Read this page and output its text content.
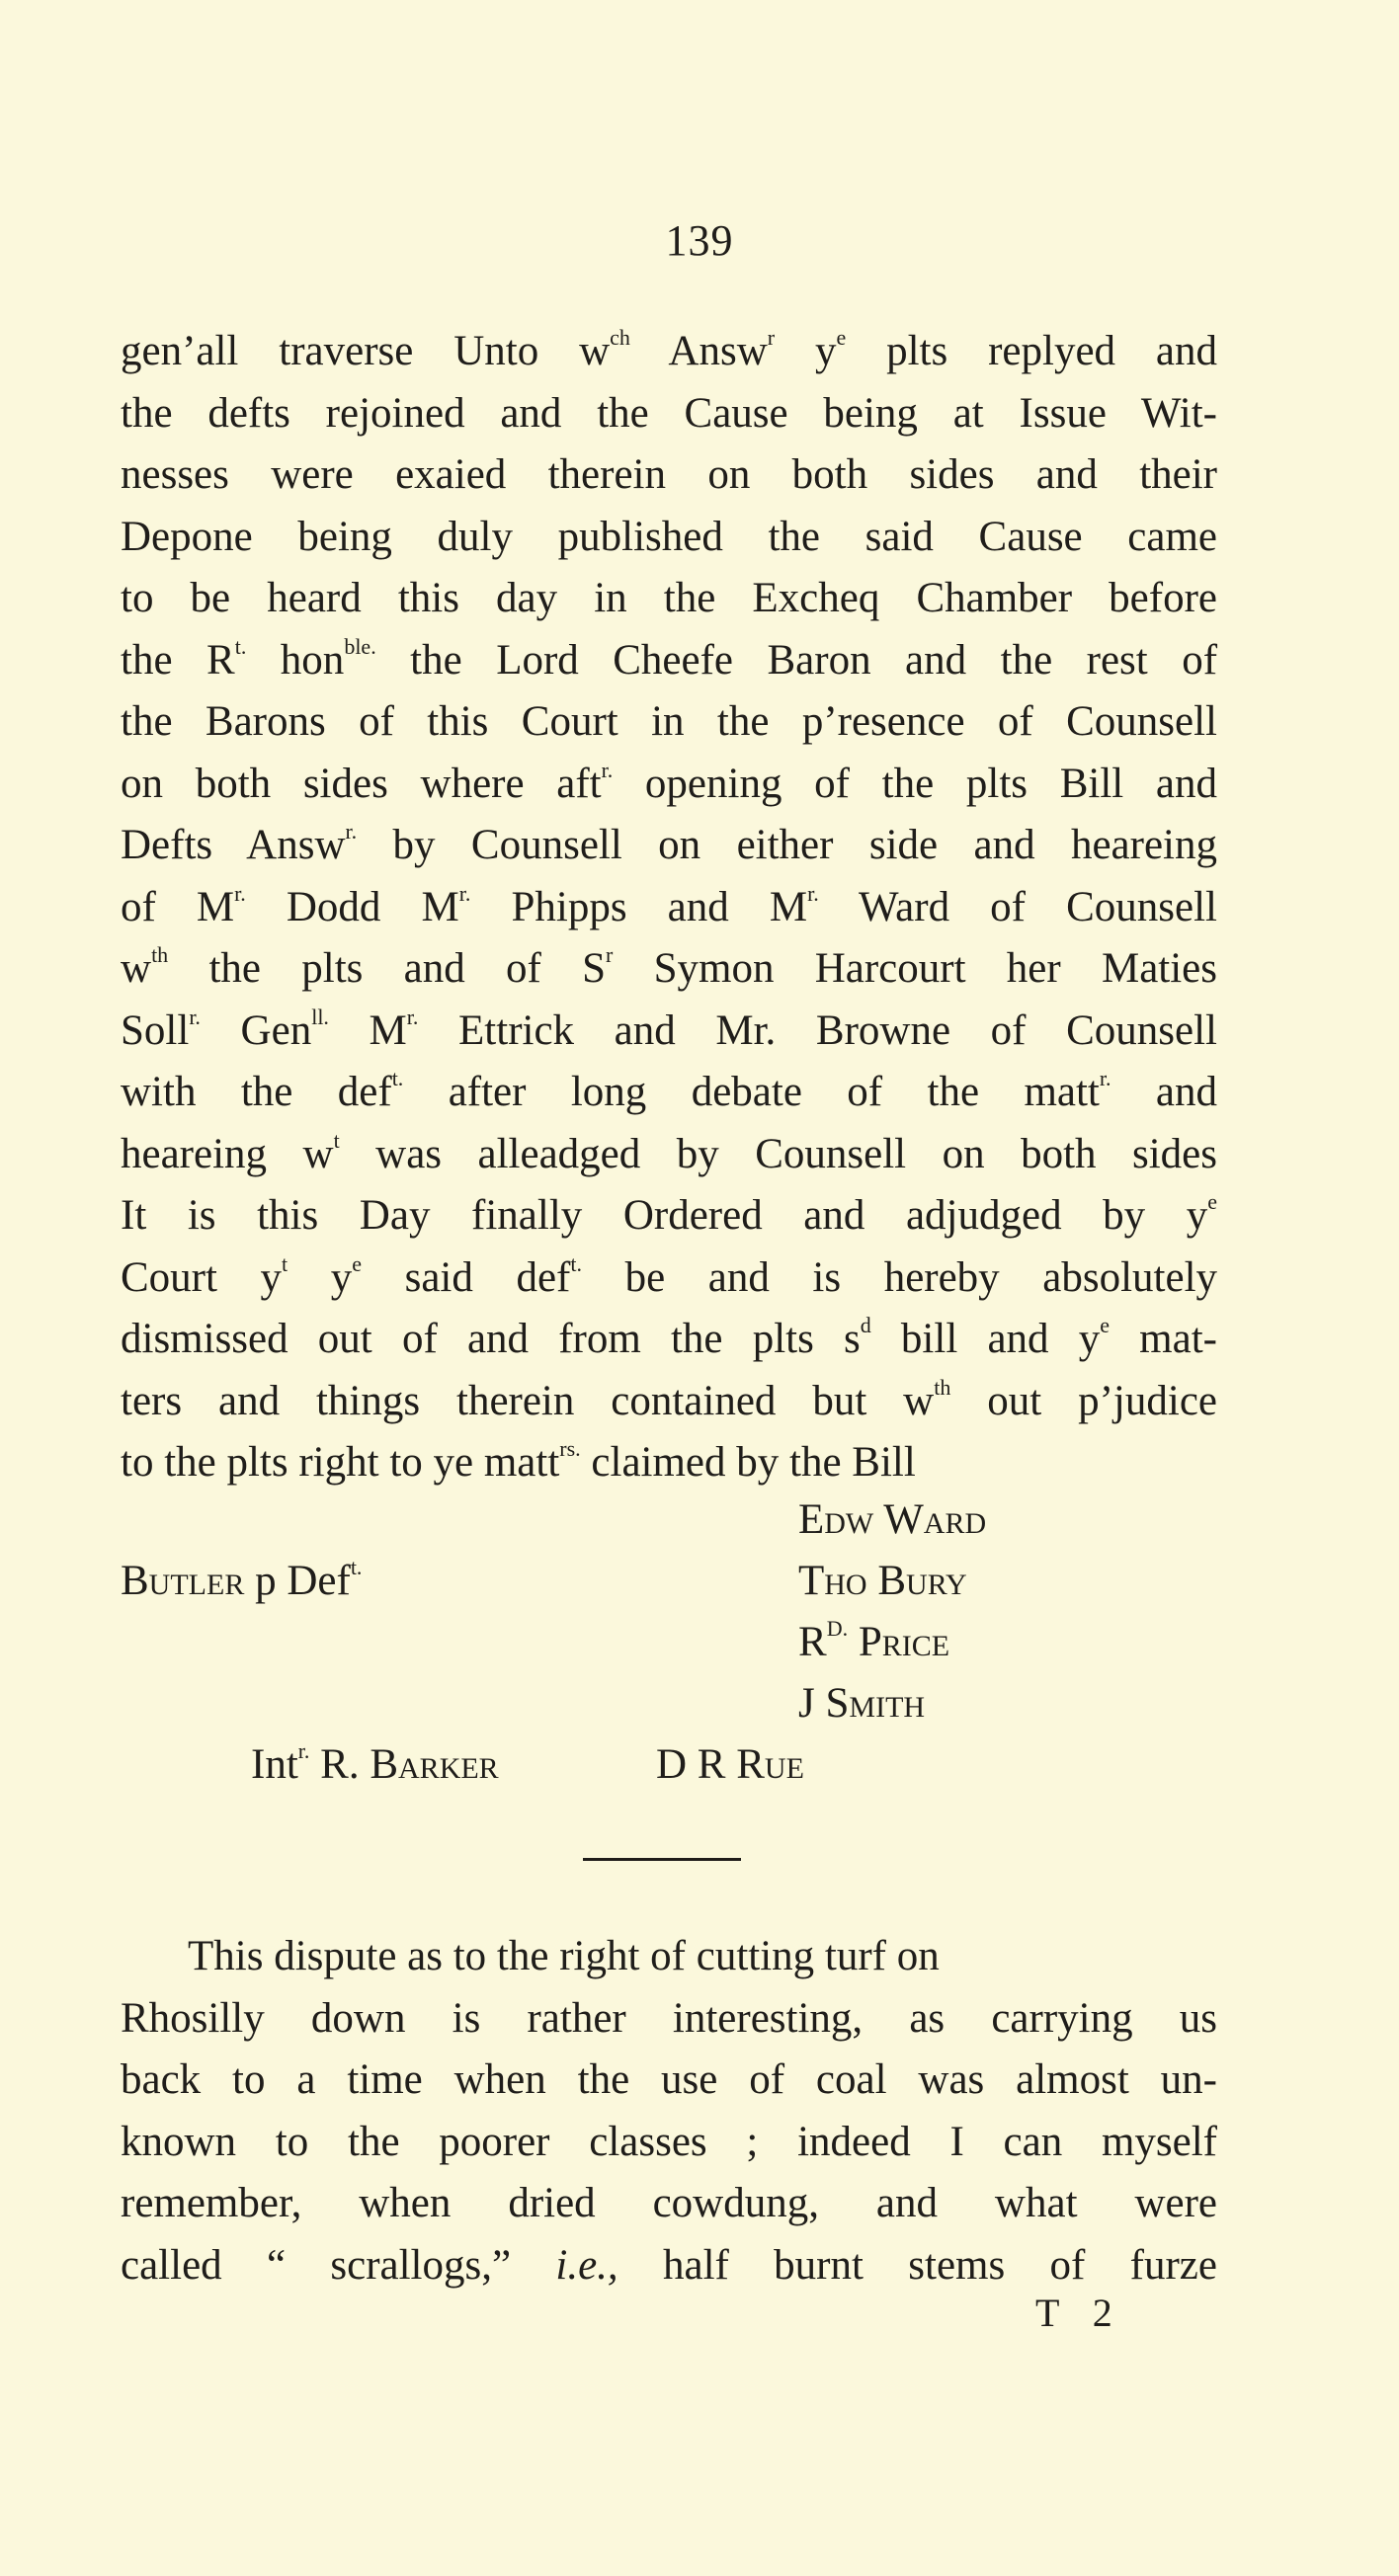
139
gen’all traverse Unto $w^{ch}$ Answ$^r$ $y^e$ plts replyed and
the defts rejoined and the Cause being at Issue Wit-
nesses were exaied therein on both sides and their
Depone being duly published the said Cause came
to be heard this day in the Excheq Chamber before
the $R^{t.}$ hon$^{ble.}$ the Lord Cheefe Baron and the rest of
the Barons of this Court in the p’resence of Counsell
on both sides where aft$^{r.}$ opening of the plts Bill and
Defts Answ$^{r.}$ by Counsell on either side and heareing
of $M^{r.}$ Dodd $M^{r.}$ Phipps and $M^{r.}$ Ward of Counsell
$w^{th}$ the plts and of $S^r$ Symon Harcourt her Maties
Soll$^{r.}$ Gen$^{ll.}$ $M^{r.}$ Ettrick and Mr. Browne of Counsell
with the def$^{t.}$ after long debate of the matt$^{r.}$ and
heareing $w^t$ was alleadged by Counsell on both sides
It is this Day finally Ordered and adjudged by $y^e$
Court $y^t$ $y^e$ said def$^{t.}$ be and is hereby absolutely
dismissed out of and from the plts $s^d$ bill and $y^e$ mat-
ters and things therein contained but $w^{th}$ out p’judice
to the plts right to ye matt$^{rs.}$ claimed by the Bill
Edw Ward
Butler p Def$^{t.}$	Tho Bury
$R^{D.}$ Price
J Smith
Int$^{r.}$ R. Barker	D R Rue
This dispute as to the right of cutting turf on
Rhosilly down is rather interesting, as carrying us
back to a time when the use of coal was almost un-
known to the poorer classes ; indeed I can myself
remember, when dried cowdung, and what were
called “ scrallogs,” i.e., half burnt stems of furze
T 2
